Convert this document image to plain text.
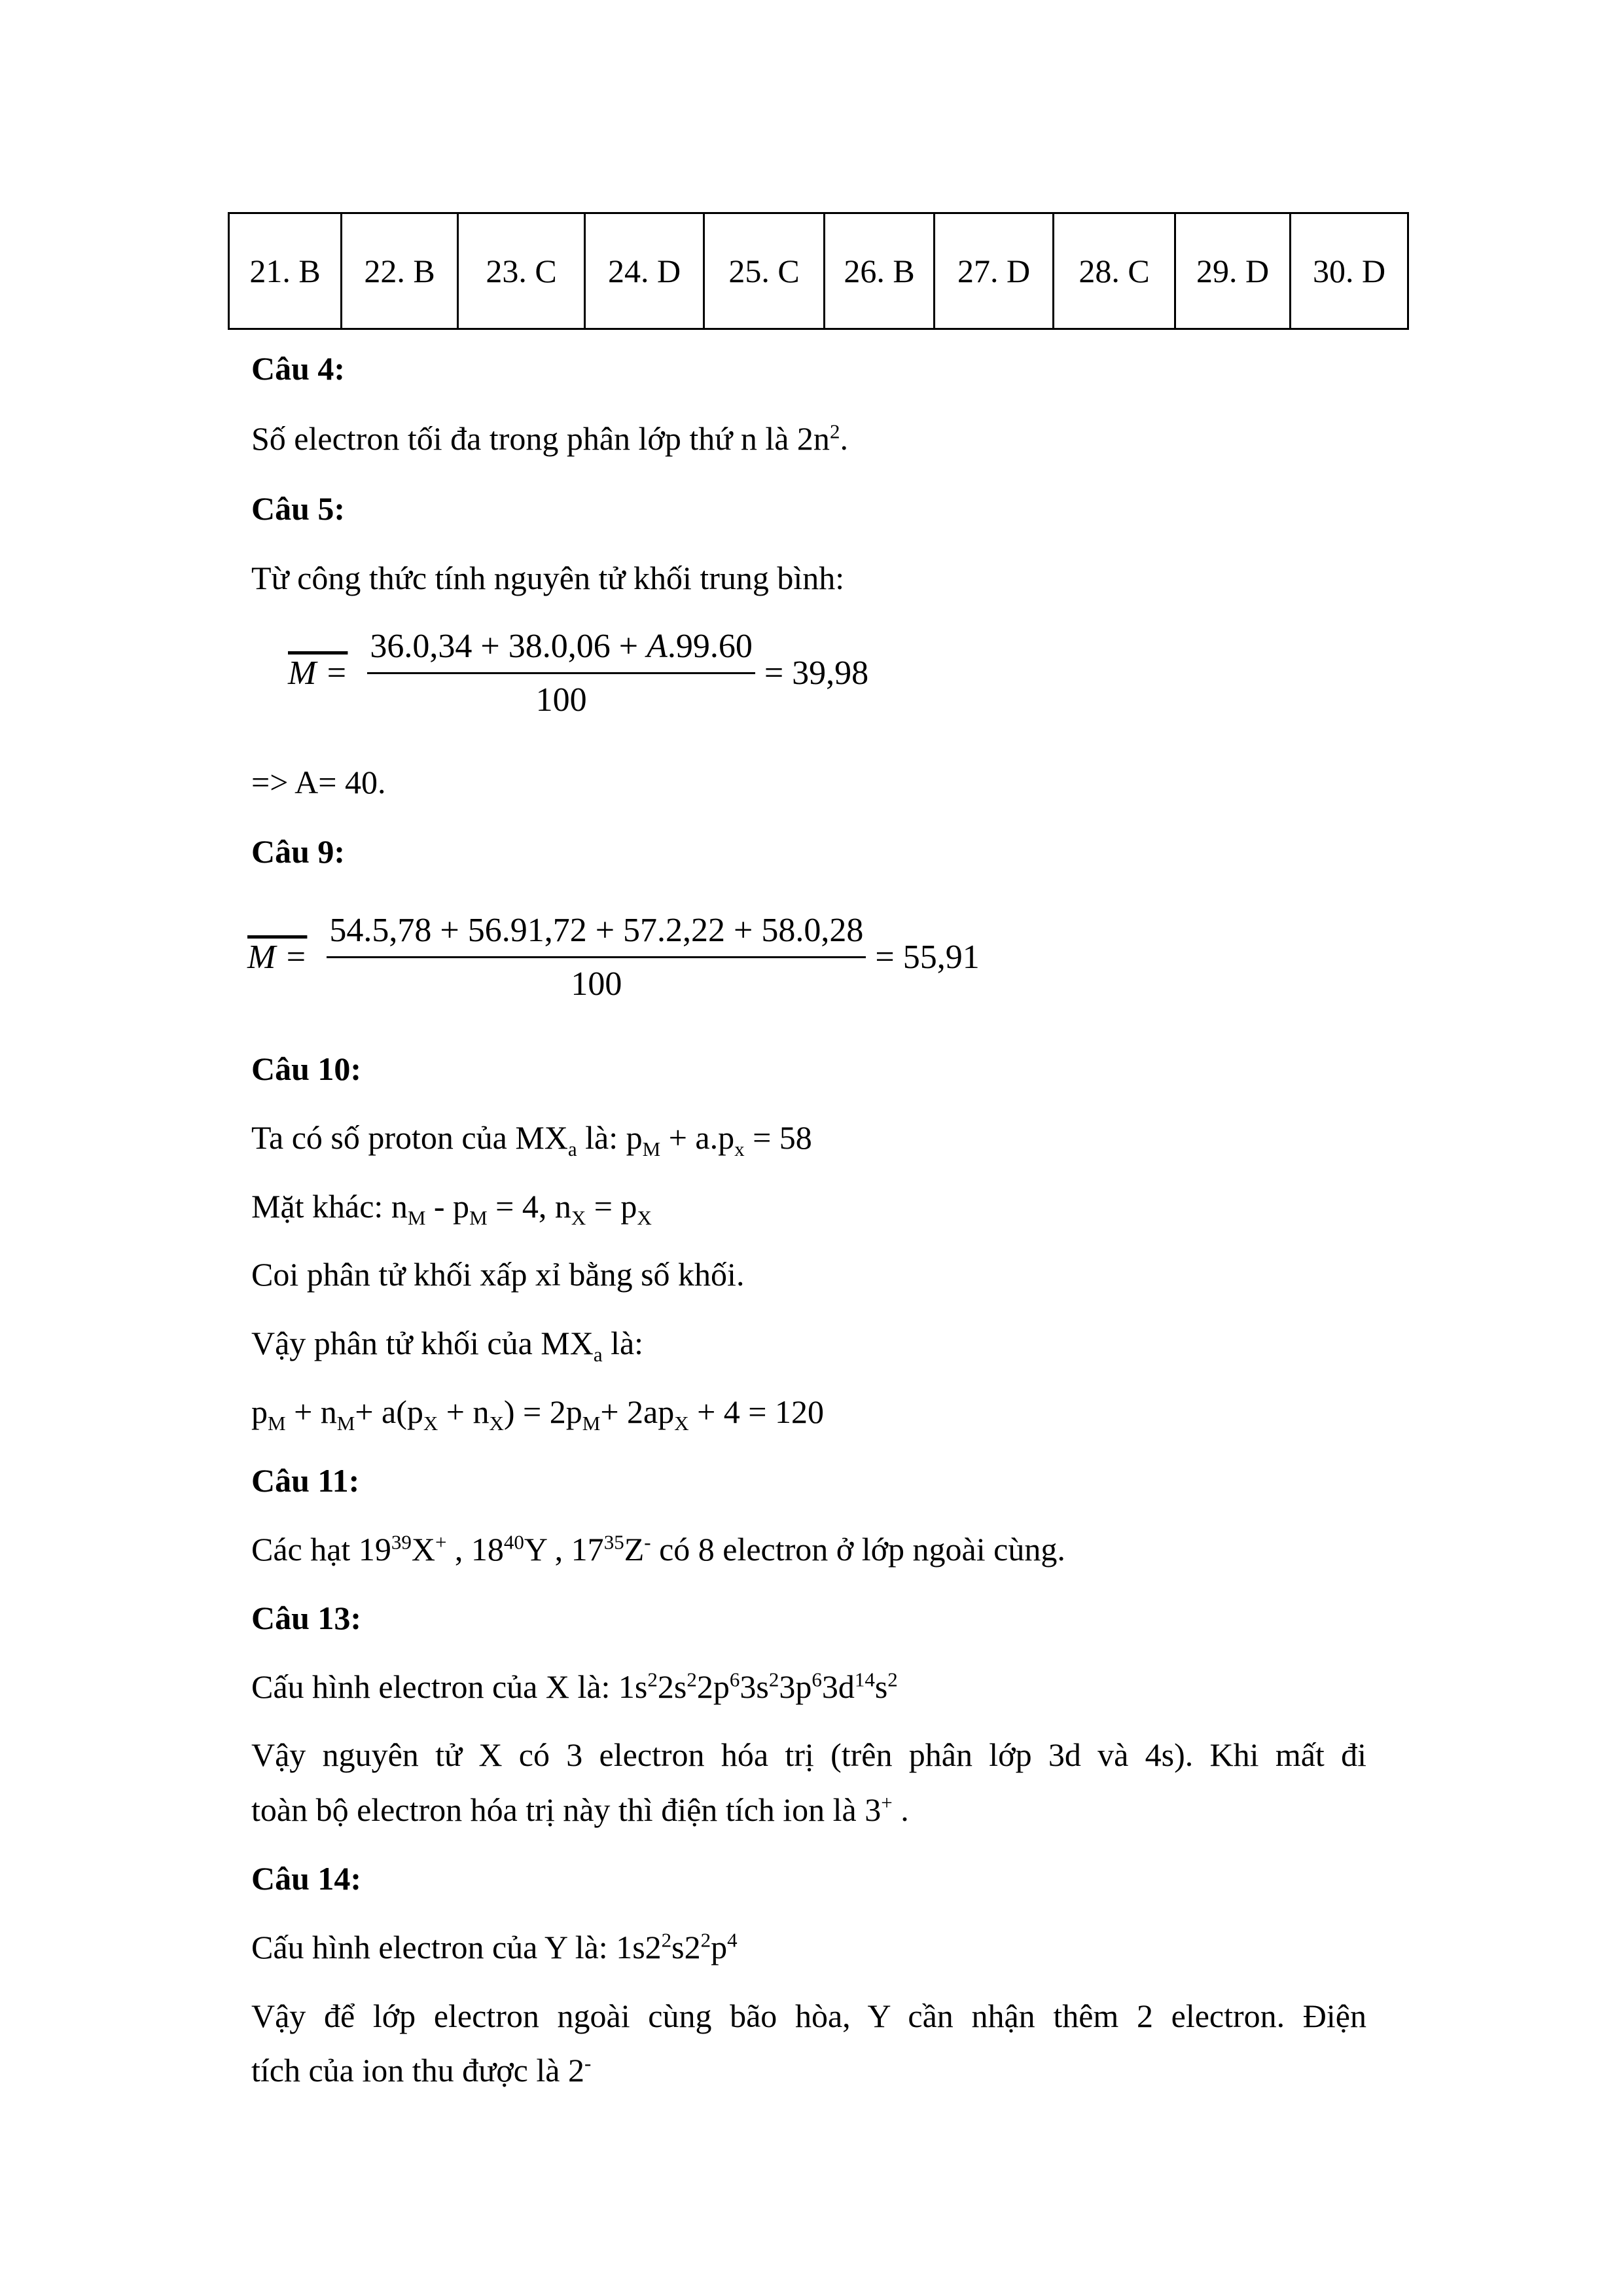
21. B	22. B	23. C	24. D	25. C	26. B	27. D	28. C	29. D	30. D
Câu 4:
Số electron tối đa trong phân lớp thứ n là $2n^2$.
Câu 5:
Từ công thức tính nguyên tử khối trung bình:
$M = \frac{36.0,34 + 38.0,06 + A.99.60}{100} = 39,98$
=> A= 40.
Câu 9:
$M = \frac{54.5,78 + 56.91,72 + 57.2,22 + 58.0,28}{100} = 55,91$
Câu 10:
Ta có số proton của $MX_a$ là: $p_M + a.p_x = 58$
Mặt khác: $n_M - p_M = 4$, $n_X = p_X$
Coi phân tử khối xấp xỉ bằng số khối.
Vậy phân tử khối của $MX_a$ là:
$p_M + n_M+ a(p_X + n_X) = 2p_M+ 2ap_X + 4 = 120$
Câu 11:
Các hạt $19^{39}X^+$ , $18^{40}Y$ , $17^{35}Z^-$ có 8 electron ở lớp ngoài cùng.
Câu 13:
Cấu hình electron của X là: $1s^22s^22p^63s^23p^63d^{14}s^2$
Vậy nguyên tử X có 3 electron hóa trị (trên phân lớp 3d và 4s). Khi mất đi
toàn bộ electron hóa trị này thì điện tích ion là 3+ .
Câu 14:
Cấu hình electron của Y là: $1s2^2s2^2p^4$
Vậy để lớp electron ngoài cùng bão hòa, Y cần nhận thêm 2 electron. Điện
tích của ion thu được là 2-
